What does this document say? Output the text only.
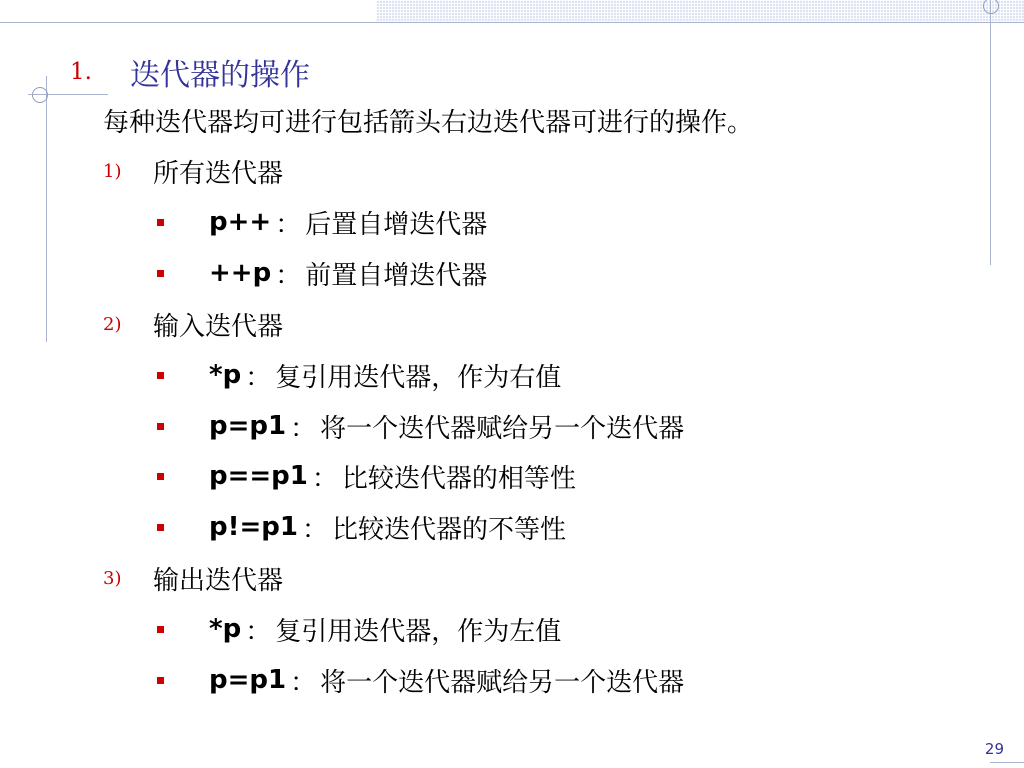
1.	迭代器的操作
每种迭代器均可进行包括箭头右边迭代器可进行的操作。
1)	所有迭代器
p++ ： 后置自增迭代器
++p ： 前置自增迭代器
2)	输入迭代器
*p ： 复引用迭代器，作为右值
p=p1 ： 将一个迭代器赋给另一个迭代器
p==p1 ： 比较迭代器的相等性
p!=p1 ： 比较迭代器的不等性
3)	输出迭代器
*p ： 复引用迭代器，作为左值
p=p1 ： 将一个迭代器赋给另一个迭代器
29
